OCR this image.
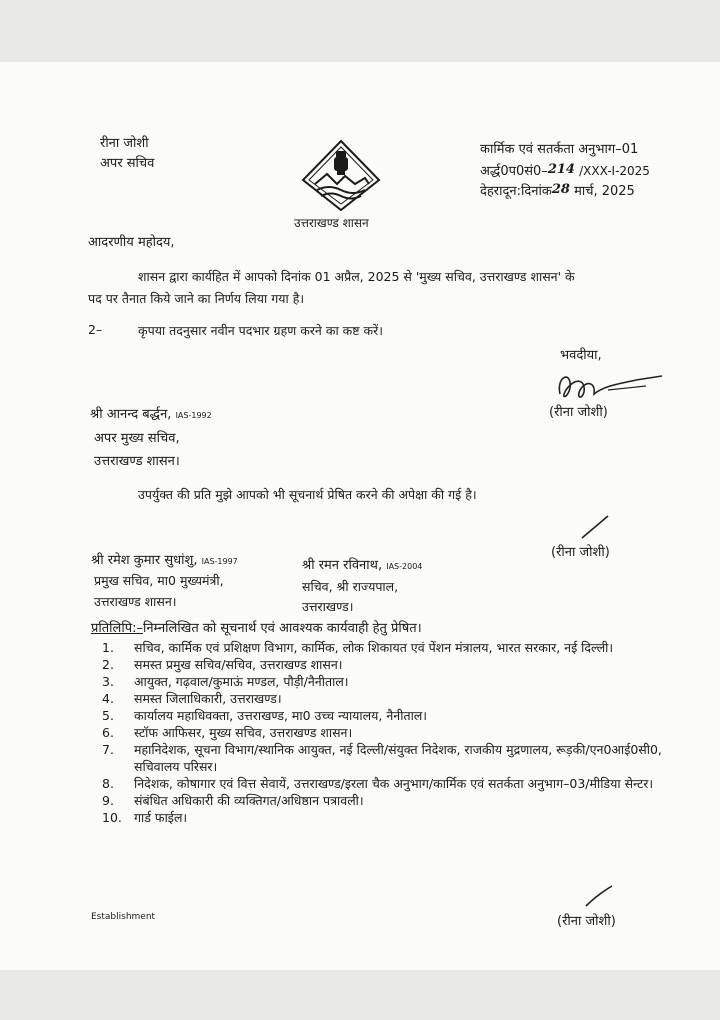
रीना जोशी
अपर सचिव
उत्तराखण्ड शासन
कार्मिक एवं सतर्कता अनुभाग–01
अर्द्ध0प0सं0–214 /XXX-I-2025
देहरादून:दिनांक28 मार्च, 2025
आदरणीय महोदय,
शासन द्वारा कार्यहित में आपको दिनांक 01 अप्रैल, 2025 से 'मुख्य सचिव, उत्तराखण्ड शासन' के
पद पर तैनात किये जाने का निर्णय लिया गया है।
2–	कृपया तदनुसार नवीन पदभार ग्रहण करने का कष्ट करें।
भवदीया,
(रीना जोशी)
श्री आनन्द बर्द्धन, IAS-1992
अपर मुख्य सचिव,
उत्तराखण्ड शासन।
उपर्युक्त की प्रति मुझे आपको भी सूचनार्थ प्रेषित करने की अपेक्षा की गई है।
(रीना जोशी)
श्री रमेश कुमार सुधांशु, IAS-1997
प्रमुख सचिव, मा0 मुख्यमंत्री,
उत्तराखण्ड शासन।
श्री रमन रविनाथ, IAS-2004
सचिव, श्री राज्यपाल,
उत्तराखण्ड।
प्रतिलिपि:–निम्नलिखित को सूचनार्थ एवं आवश्यक कार्यवाही हेतु प्रेषित।
1. सचिव, कार्मिक एवं प्रशिक्षण विभाग, कार्मिक, लोक शिकायत एवं पेंशन मंत्रालय, भारत सरकार, नई दिल्ली।
2. समस्त प्रमुख सचिव/सचिव, उत्तराखण्ड शासन।
3. आयुक्त, गढ़वाल/कुमाऊं मण्डल, पौड़ी/नैनीताल।
4. समस्त जिलाधिकारी, उत्तराखण्ड।
5. कार्यालय महाधिवक्ता, उत्तराखण्ड, मा0 उच्च न्यायालय, नैनीताल।
6. स्टॉफ आफिसर, मुख्य सचिव, उत्तराखण्ड शासन।
7. महानिदेशक, सूचना विभाग/स्थानिक आयुक्त, नई दिल्ली/संयुक्त निदेशक, राजकीय मुद्रणालय, रूड़की/एन0आई0सी0, सचिवालय परिसर।
8. निदेशक, कोषागार एवं वित्त सेवायें, उत्तराखण्ड/इरला चैक अनुभाग/कार्मिक एवं सतर्कता अनुभाग–03/मीडिया सेन्टर।
9. संबंधित अधिकारी की व्यक्तिगत/अधिष्ठान पत्रावली।
10. गार्ड फाईल।
Establishment	(रीना जोशी)
